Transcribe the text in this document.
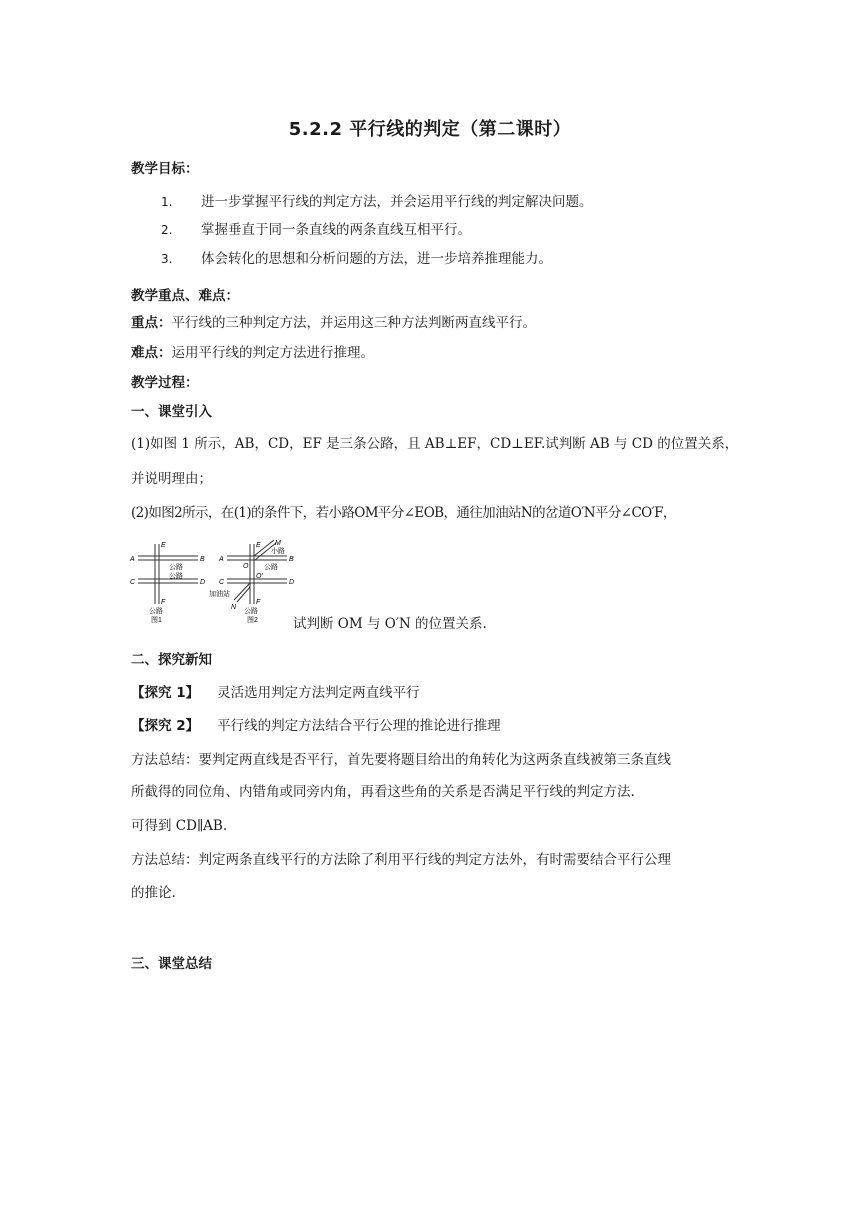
5.2.2 平行线的判定（第二课时）
教学目标：
1. 进一步掌握平行线的判定方法，并会运用平行线的判定解决问题。
2. 掌握垂直于同一条直线的两条直线互相平行。
3. 体会转化的思想和分析问题的方法，进一步培养推理能力。
教学重点、难点：
重点：平行线的三种判定方法，并运用这三种方法判断两直线平行。
难点：运用平行线的判定方法进行推理。
教学过程：
一、课堂引入
(1)如图 1 所示，AB，CD，EF 是三条公路，且 AB⊥EF，CD⊥EF.试判断 AB 与 CD 的位置关系，
并说明理由；
(2)如图2所示，在(1)的条件下，若小路OM平分∠EOB，通往加油站N的岔道O′N平分∠CO′F，
A	B
C	D
E
F
公路
公路
公路
图1
M
小路
A	B
C	D
E
F
O
O′
公路
公路
加油站
N
图2	试判断 OM 与 O′N 的位置关系.
二、探究新知
【探究 1】 灵活选用判定方法判定两直线平行
【探究 2】 平行线的判定方法结合平行公理的推论进行推理
方法总结：要判定两直线是否平行，首先要将题目给出的角转化为这两条直线被第三条直线
所截得的同位角、内错角或同旁内角，再看这些角的关系是否满足平行线的判定方法.
可得到 CD∥AB.
方法总结：判定两条直线平行的方法除了利用平行线的判定方法外，有时需要结合平行公理
的推论.
三、课堂总结
